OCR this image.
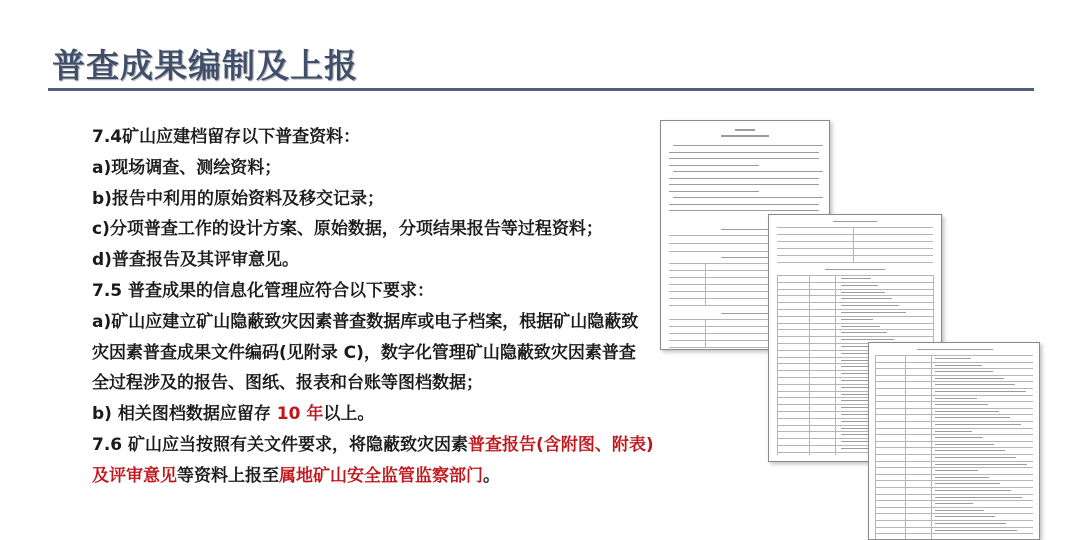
普查成果编制及上报
7.4矿山应建档留存以下普查资料：
a)现场调查、测绘资料；
b)报告中利用的原始资料及移交记录；
c)分项普查工作的设计方案、原始数据，分项结果报告等过程资料；
d)普查报告及其评审意见。
7.5 普查成果的信息化管理应符合以下要求：
a)矿山应建立矿山隐蔽致灾因素普查数据库或电子档案，根据矿山隐蔽致
灾因素普查成果文件编码(见附录 C)，数字化管理矿山隐蔽致灾因素普查
全过程涉及的报告、图纸、报表和台账等图档数据；
b) 相关图档数据应留存 10 年以上。
7.6 矿山应当按照有关文件要求，将隐蔽致灾因素普查报告(含附图、附表)
及评审意见等资料上报至属地矿山安全监管监察部门。
